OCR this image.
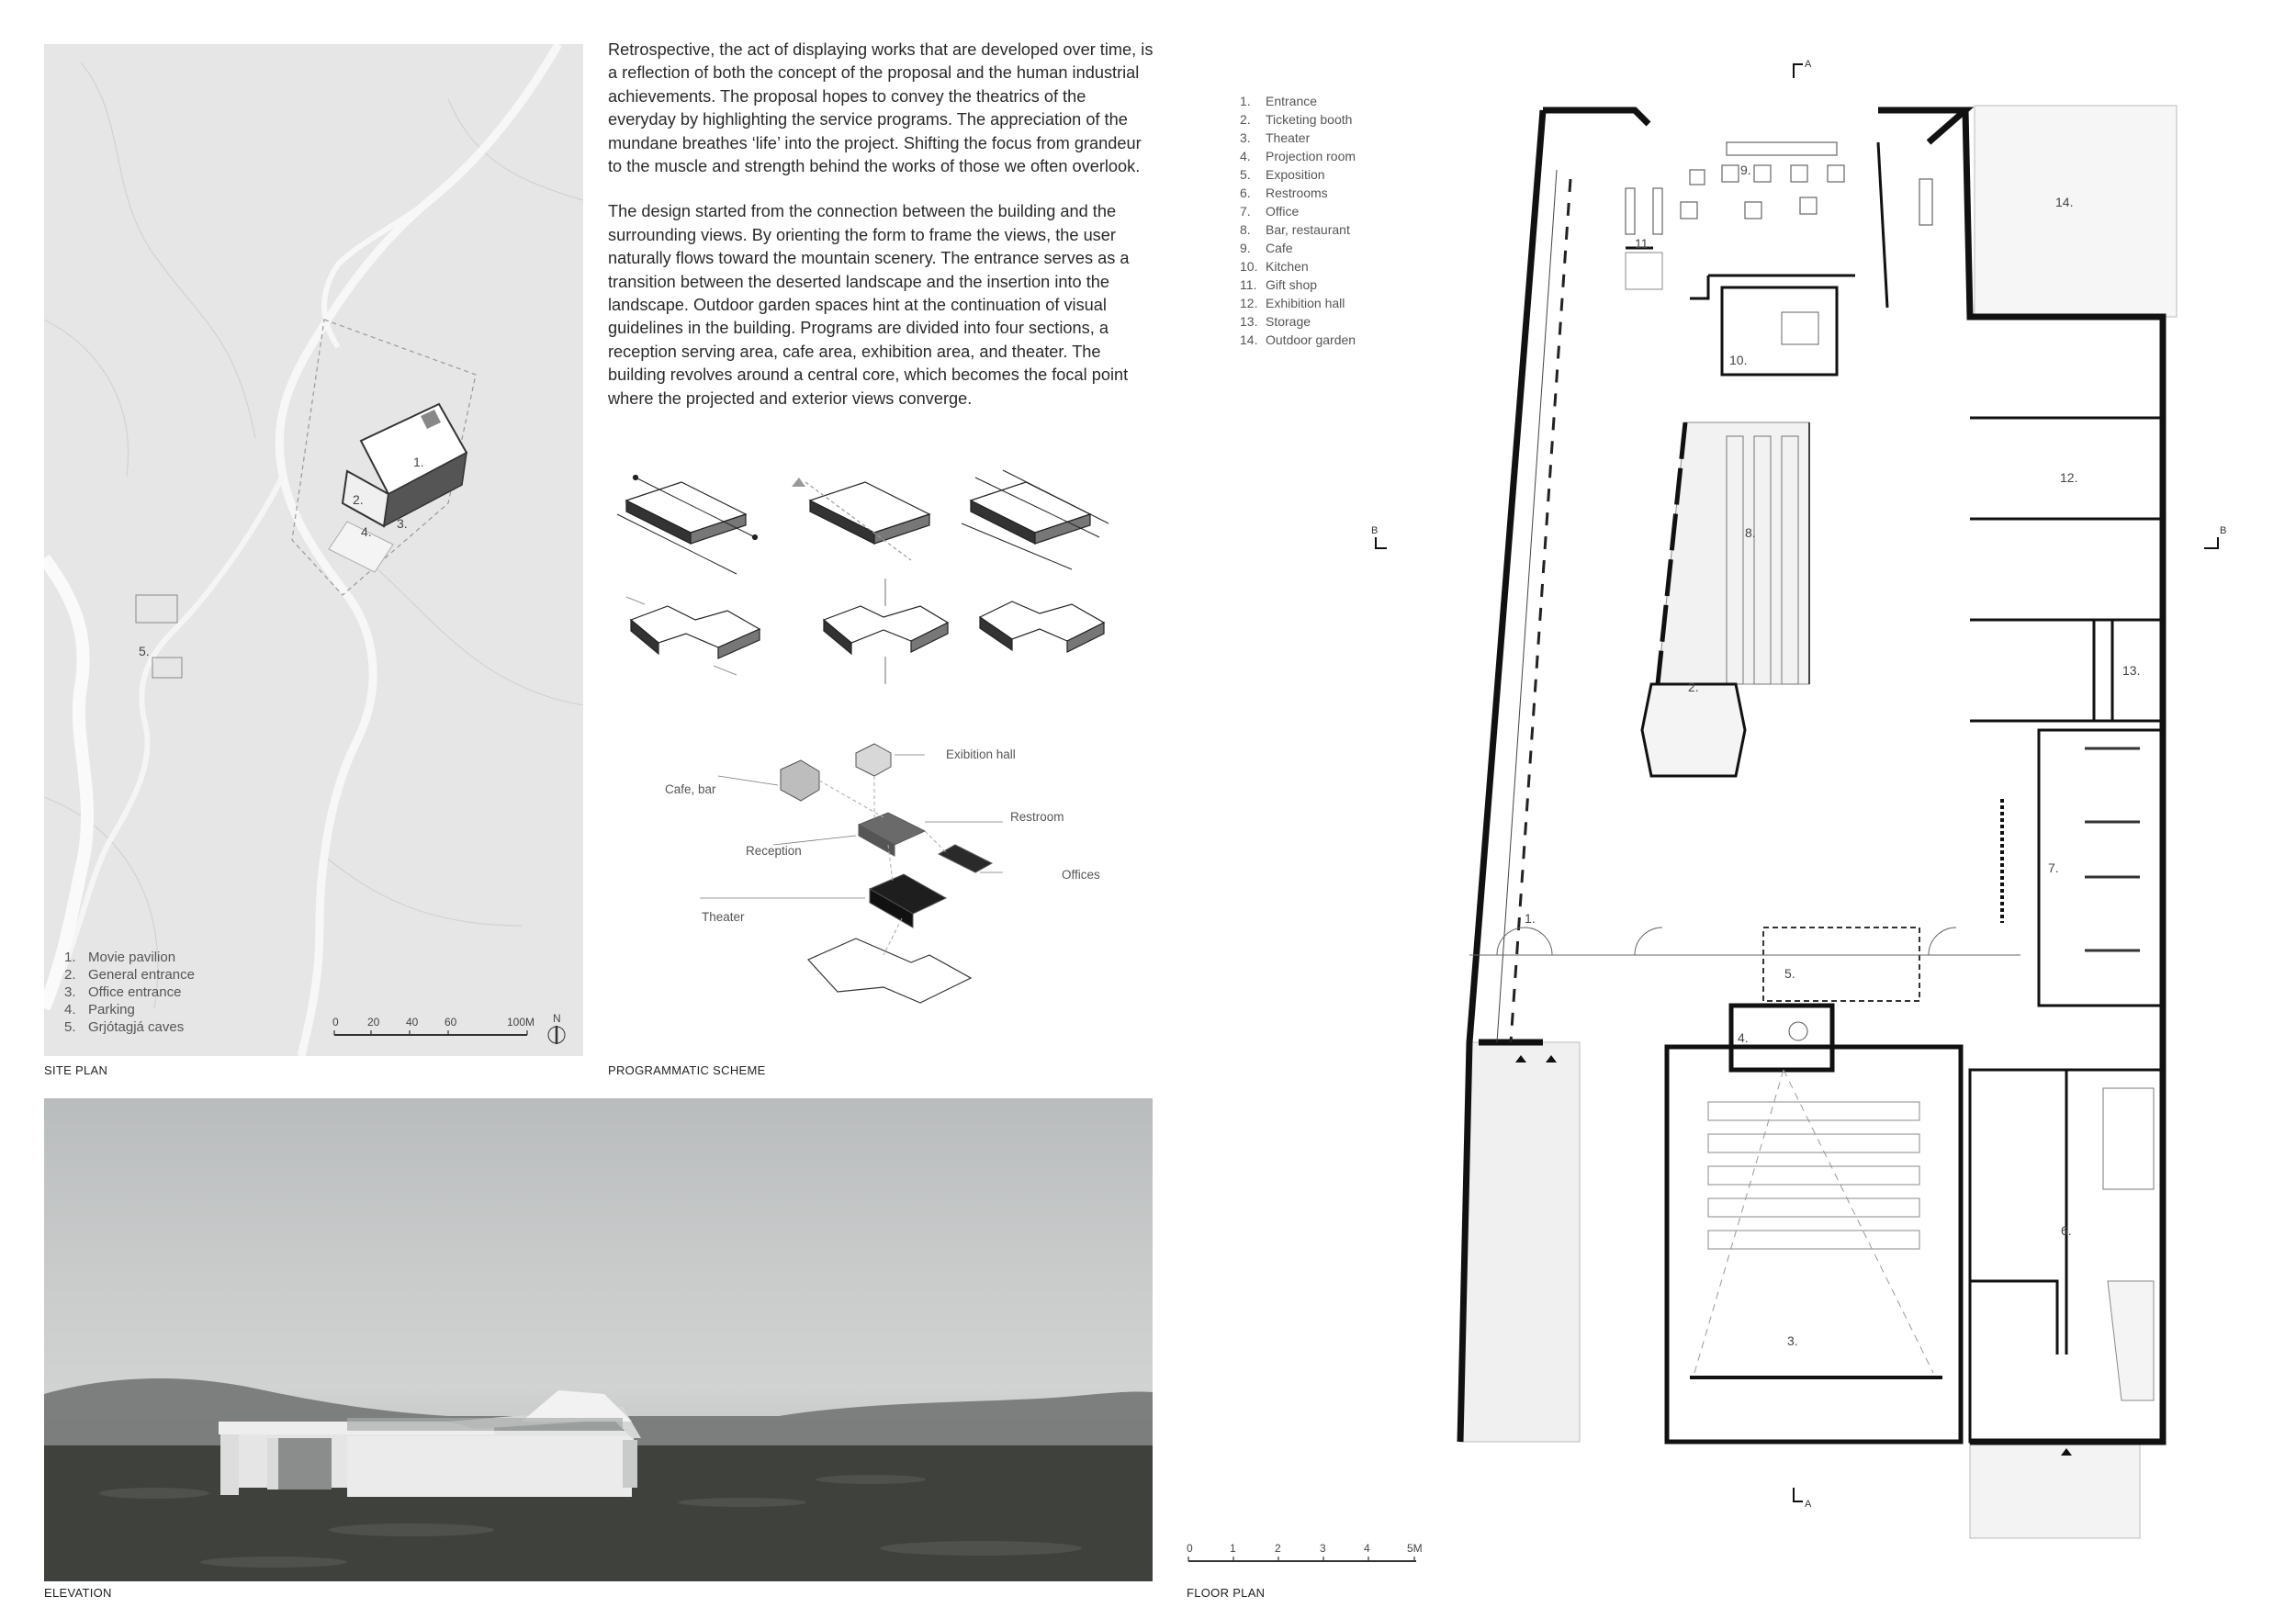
1.
2.
3.
4.
5.
1. Movie pavilion
2. General entrance
3. Office entrance
4. Parking
5. Grjótagjá caves	0	20 40 60	100M N
SITE PLAN

Retrospective, the act of displaying works that are developed over time, is a reflection of both the concept of the proposal and the human industrial achievements. The proposal hopes to convey the theatrics of the everyday by highlighting the service programs. The appreciation of the mundane breathes ‘life’ into the project. Shifting the focus from grandeur to the muscle and strength behind the works of those we often overlook.

The design started from the connection between the building and the surrounding views. By orienting the form to frame the views, the user naturally flows toward the mountain scenery. The entrance serves as a transition between the deserted landscape and the insertion into the landscape. Outdoor garden spaces hint at the continuation of visual guidelines in the building. Programs are divided into four sections, a reception serving area, cafe area, exhibition area, and theater. The building revolves around a central core, which becomes the focal point where the projected and exterior views converge.

Exibition hall
Cafe, bar
Restroom
Reception
Offices
Theater
PROGRAMMATIC SCHEME
ELEVATION
1.	Entrance
2.	Ticketing booth
3.	Theater
4.	Projection room
5.	Exposition
6.	Restrooms
7.	Office
8.	Bar, restaurant
9.	Cafe
10. Kitchen
11. Gift shop
12. Exhibition hall
13. Storage
14. Outdoor garden
A
A
B	B
1.
2.
3.
4.
5.
6.
7.
8.
9.
10.
11.
12.
13.
14.
0	1	2	3	4	5M
FLOOR PLAN
